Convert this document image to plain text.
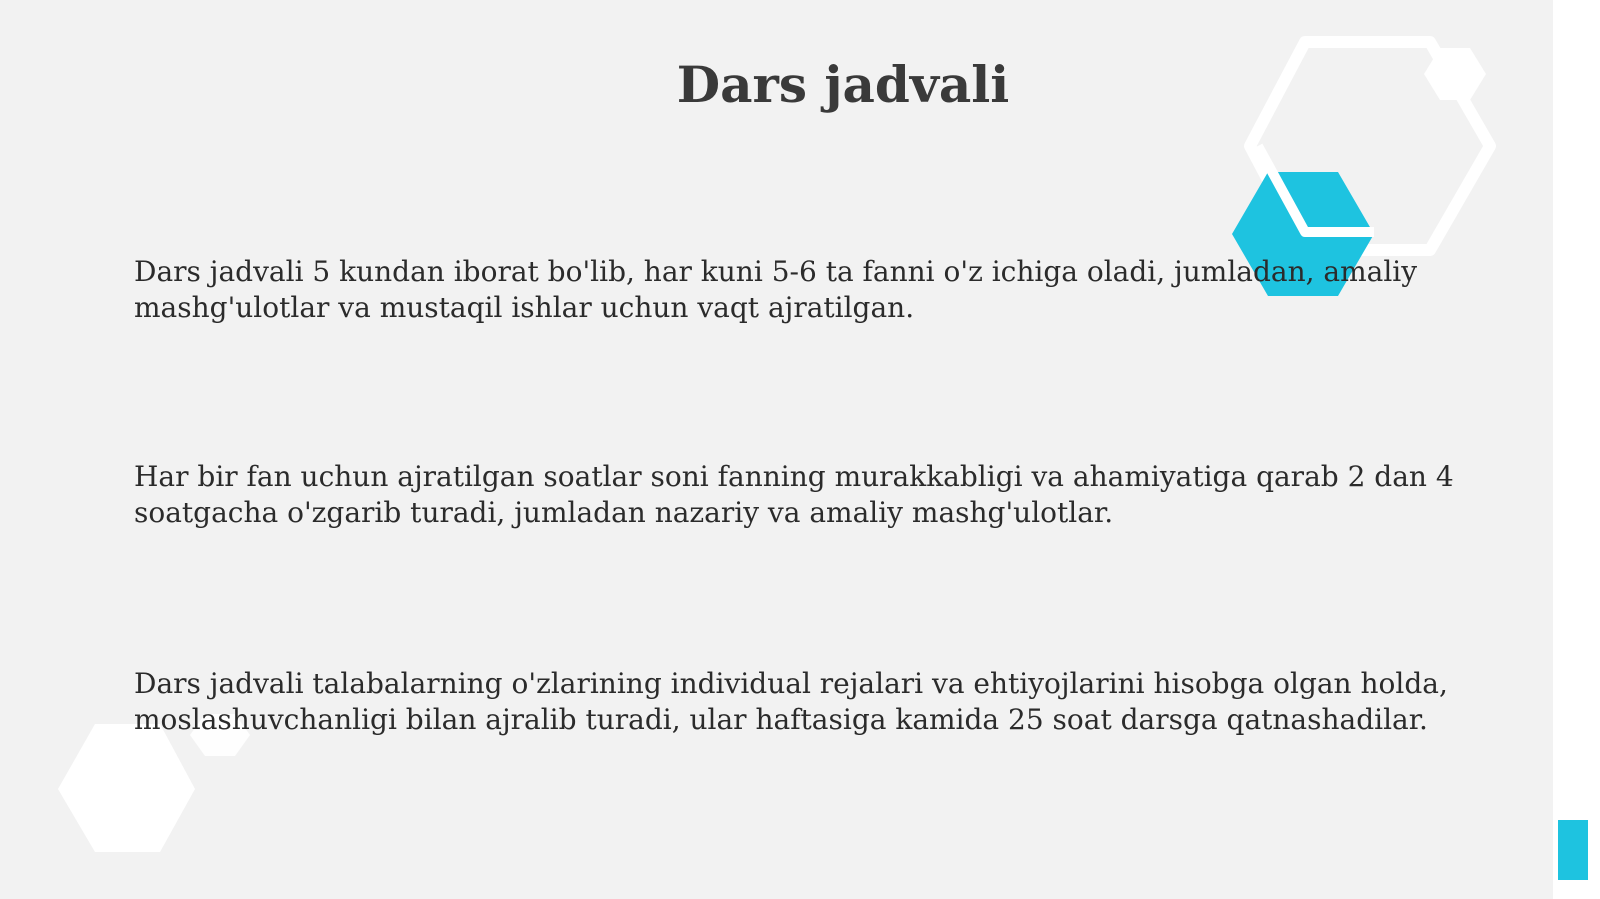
Dars jadvali

Dars jadvali 5 kundan iborat bo'lib, har kuni 5-6 ta fanni o'z ichiga oladi, jumladan, amaliy mashg'ulotlar va mustaqil ishlar uchun vaqt ajratilgan.

Har bir fan uchun ajratilgan soatlar soni fanning murakkabligi va ahamiyatiga qarab 2 dan 4 soatgacha o'zgarib turadi, jumladan nazariy va amaliy mashg'ulotlar.

Dars jadvali talabalarning o'zlarining individual rejalari va ehtiyojlarini hisobga olgan holda, moslashuvchanligi bilan ajralib turadi, ular haftasiga kamida 25 soat darsga qatnashadilar.
